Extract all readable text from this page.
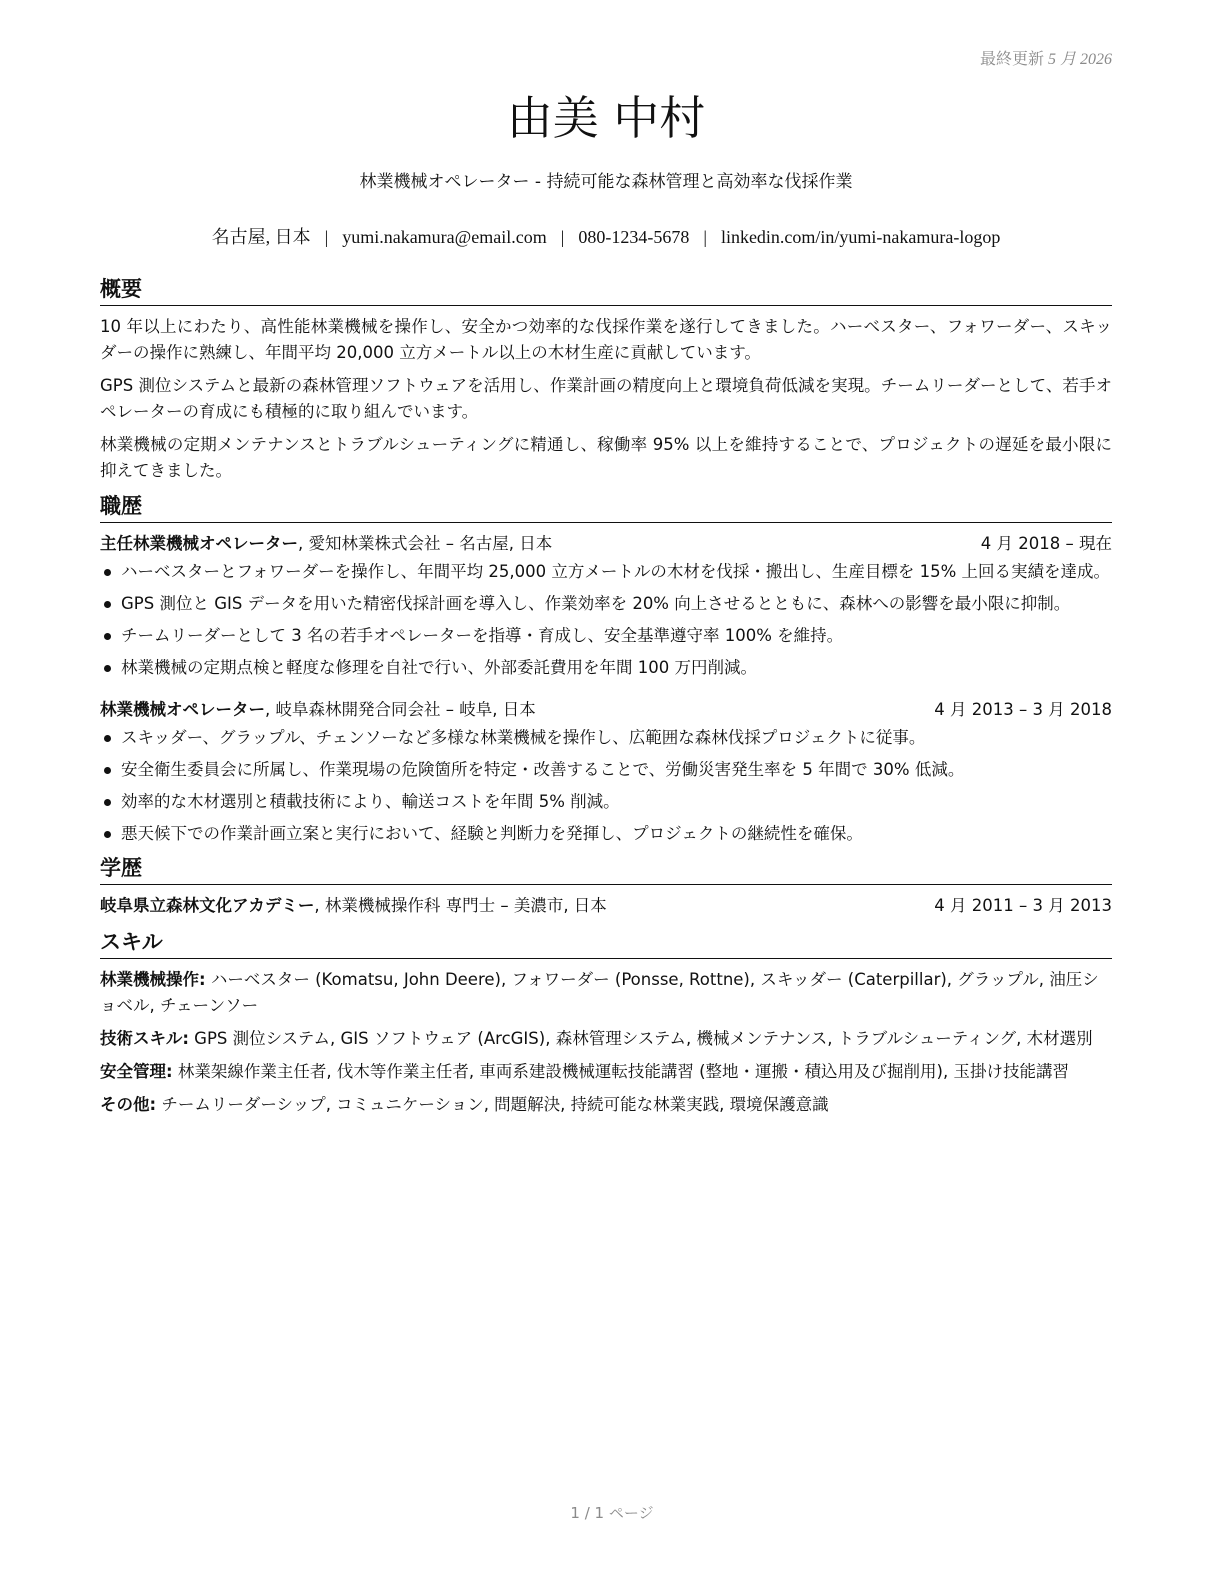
最終更新 5 月 2026
由美 中村
林業機械オペレーター - 持続可能な森林管理と高効率な伐採作業
名古屋, 日本 | yumi.nakamura@email.com | 080-1234-5678 | linkedin.com/in/yumi-nakamura-logop
概要

10 年以上にわたり、高性能林業機械を操作し、安全かつ効率的な伐採作業を遂行してきました。ハーベスター、フォワーダー、スキッダーの操作に熟練し、年間平均 20,000 立方メートル以上の木材生産に貢献しています。

GPS 測位システムと最新の森林管理ソフトウェアを活用し、作業計画の精度向上と環境負荷低減を実現。チームリーダーとして、若手オペレーターの育成にも積極的に取り組んでいます。

林業機械の定期メンテナンスとトラブルシューティングに精通し、稼働率 95% 以上を維持することで、プロジェクトの遅延を最小限に抑えてきました。

職歴
主任林業機械オペレーター, 愛知林業株式会社 – 名古屋, 日本	4 月 2018 – 現在
ハーベスターとフォワーダーを操作し、年間平均 25,000 立方メートルの木材を伐採・搬出し、生産目標を 15% 上回る実績を達成。
GPS 測位と GIS データを用いた精密伐採計画を導入し、作業効率を 20% 向上させるとともに、森林への影響を最小限に抑制。
チームリーダーとして 3 名の若手オペレーターを指導・育成し、安全基準遵守率 100% を維持。
林業機械の定期点検と軽度な修理を自社で行い、外部委託費用を年間 100 万円削減。
林業機械オペレーター, 岐阜森林開発合同会社 – 岐阜, 日本	4 月 2013 – 3 月 2018
スキッダー、グラップル、チェンソーなど多様な林業機械を操作し、広範囲な森林伐採プロジェクトに従事。
安全衛生委員会に所属し、作業現場の危険箇所を特定・改善することで、労働災害発生率を 5 年間で 30% 低減。
効率的な木材選別と積載技術により、輸送コストを年間 5% 削減。
悪天候下での作業計画立案と実行において、経験と判断力を発揮し、プロジェクトの継続性を確保。
学歴
岐阜県立森林文化アカデミー, 林業機械操作科 専門士 – 美濃市, 日本	4 月 2011 – 3 月 2013
スキル

林業機械操作: ハーベスター (Komatsu, John Deere), フォワーダー (Ponsse, Rottne), スキッダー (Caterpillar), グラップル, 油圧ショベル, チェーンソー

技術スキル: GPS 測位システム, GIS ソフトウェア (ArcGIS), 森林管理システム, 機械メンテナンス, トラブルシューティング, 木材選別

安全管理: 林業架線作業主任者, 伐木等作業主任者, 車両系建設機械運転技能講習 (整地・運搬・積込用及び掘削用), 玉掛け技能講習

その他: チームリーダーシップ, コミュニケーション, 問題解決, 持続可能な林業実践, 環境保護意識

1 / 1 ページ
